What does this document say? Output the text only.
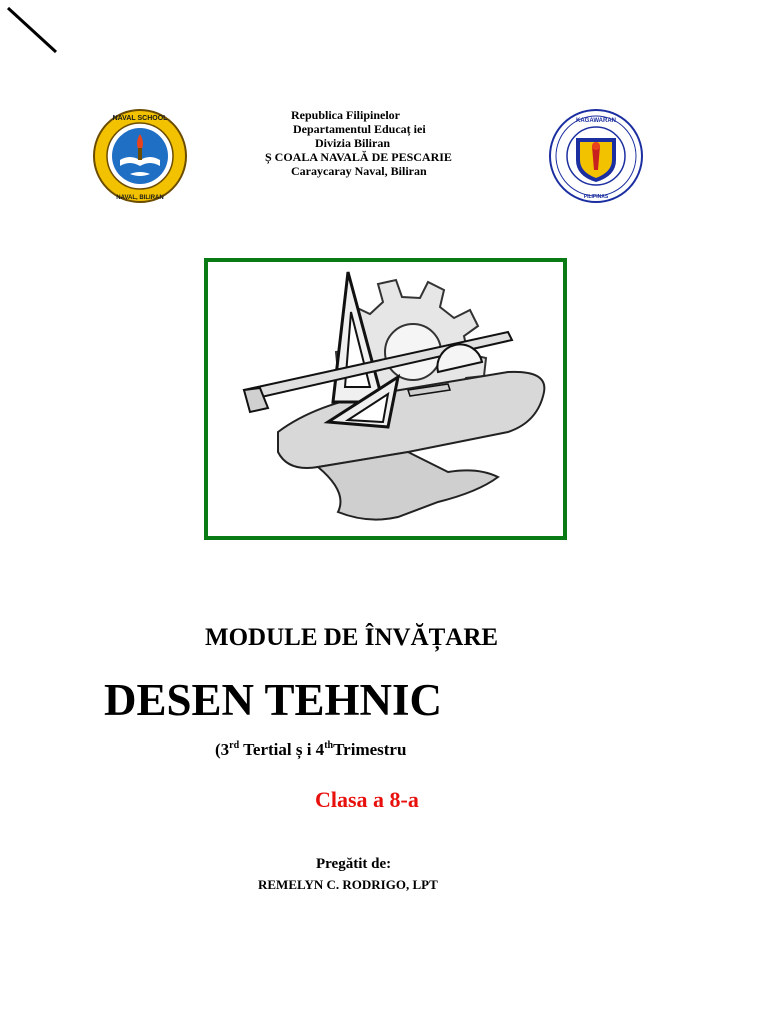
NAVAL SCHOOL
NAVAL, BILIRAN
KAGAWARAN
PILIPINAS
Republica Filipinelor
Departamentul Educaț iei
Divizia Biliran
Ș COALA NAVALĂ DE PESCARIE
Caraycaray Naval, Biliran
MODULE DE ÎNVĂȚARE
DESEN TEHNIC
(3rd Tertial ș i 4thTrimestru
Clasa a 8-a
Pregătit de:
REMELYN C. RODRIGO, LPT
